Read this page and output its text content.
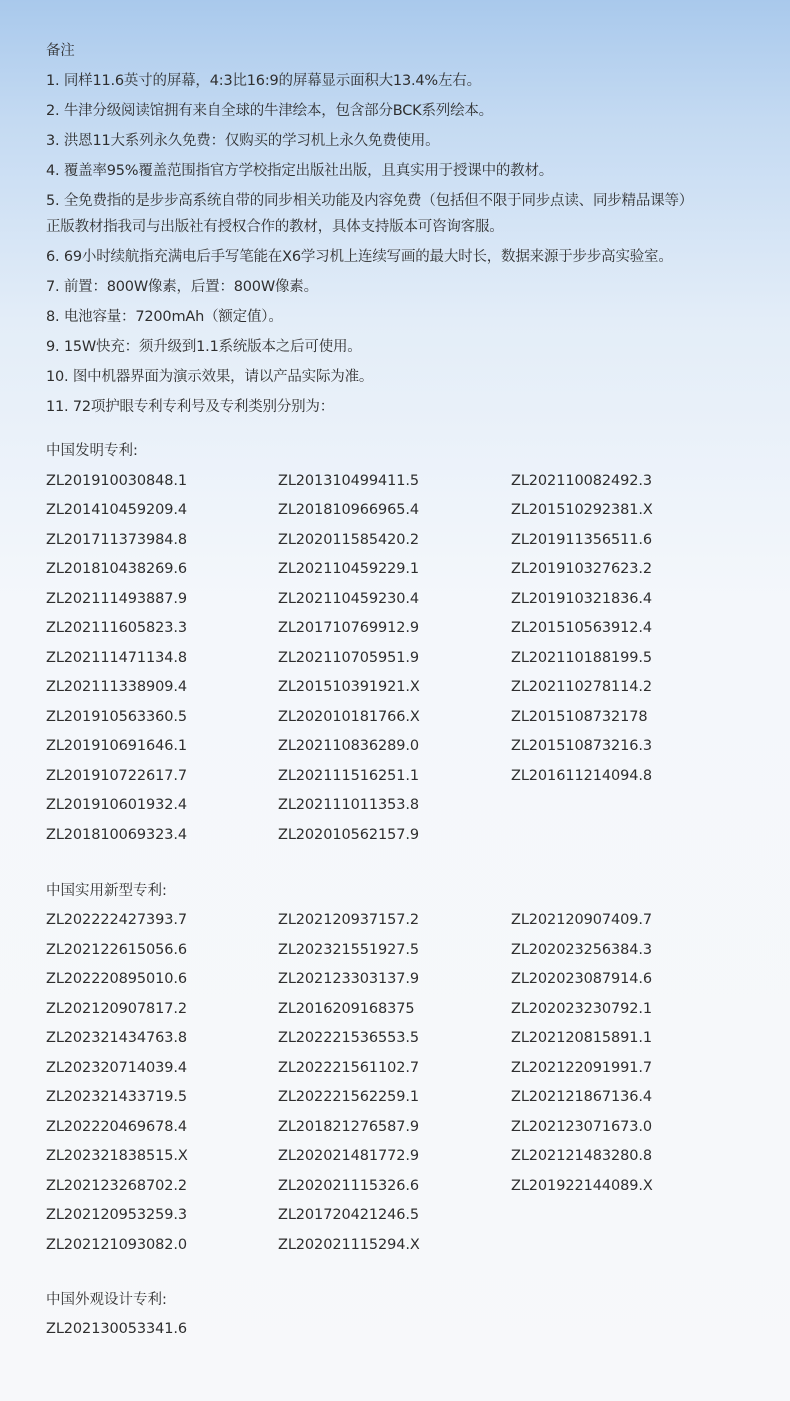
备注
1. 同样11.6英寸的屏幕，4:3比16:9的屏幕显示面积大13.4%左右。
2. 牛津分级阅读馆拥有来自全球的牛津绘本，包含部分BCK系列绘本。
3. 洪恩11大系列永久免费：仅购买的学习机上永久免费使用。
4. 覆盖率95%覆盖范围指官方学校指定出版社出版，且真实用于授课中的教材。
5. 全免费指的是步步高系统自带的同步相关功能及内容免费（包括但不限于同步点读、同步精品课等）
正版教材指我司与出版社有授权合作的教材，具体支持版本可咨询客服。
6. 69小时续航指充满电后手写笔能在X6学习机上连续写画的最大时长，数据来源于步步高实验室。
7. 前置：800W像素，后置：800W像素。
8. 电池容量：7200mAh（额定值）。
9. 15W快充：须升级到1.1系统版本之后可使用。
10. 图中机器界面为演示效果，请以产品实际为准。
11. 72项护眼专利专利号及专利类别分别为：
中国发明专利:
ZL201910030848.1	ZL201310499411.5	ZL202110082492.3
ZL201410459209.4	ZL201810966965.4	ZL201510292381.X
ZL201711373984.8	ZL202011585420.2	ZL201911356511.6
ZL201810438269.6	ZL202110459229.1	ZL201910327623.2
ZL202111493887.9	ZL202110459230.4	ZL201910321836.4
ZL202111605823.3	ZL201710769912.9	ZL201510563912.4
ZL202111471134.8	ZL202110705951.9	ZL202110188199.5
ZL202111338909.4	ZL201510391921.X	ZL202110278114.2
ZL201910563360.5	ZL202010181766.X	ZL2015108732178
ZL201910691646.1	ZL202110836289.0	ZL201510873216.3
ZL201910722617.7	ZL202111516251.1	ZL201611214094.8
ZL201910601932.4	ZL202111011353.8
ZL201810069323.4	ZL202010562157.9
中国实用新型专利:
ZL202222427393.7	ZL202120937157.2	ZL202120907409.7
ZL202122615056.6	ZL202321551927.5	ZL202023256384.3
ZL202220895010.6	ZL202123303137.9	ZL202023087914.6
ZL202120907817.2	ZL2016209168375	ZL202023230792.1
ZL202321434763.8	ZL202221536553.5	ZL202120815891.1
ZL202320714039.4	ZL202221561102.7	ZL202122091991.7
ZL202321433719.5	ZL202221562259.1	ZL202121867136.4
ZL202220469678.4	ZL201821276587.9	ZL202123071673.0
ZL202321838515.X	ZL202021481772.9	ZL202121483280.8
ZL202123268702.2	ZL202021115326.6	ZL201922144089.X
ZL202120953259.3	ZL201720421246.5
ZL202121093082.0	ZL202021115294.X
中国外观设计专利:
ZL202130053341.6
